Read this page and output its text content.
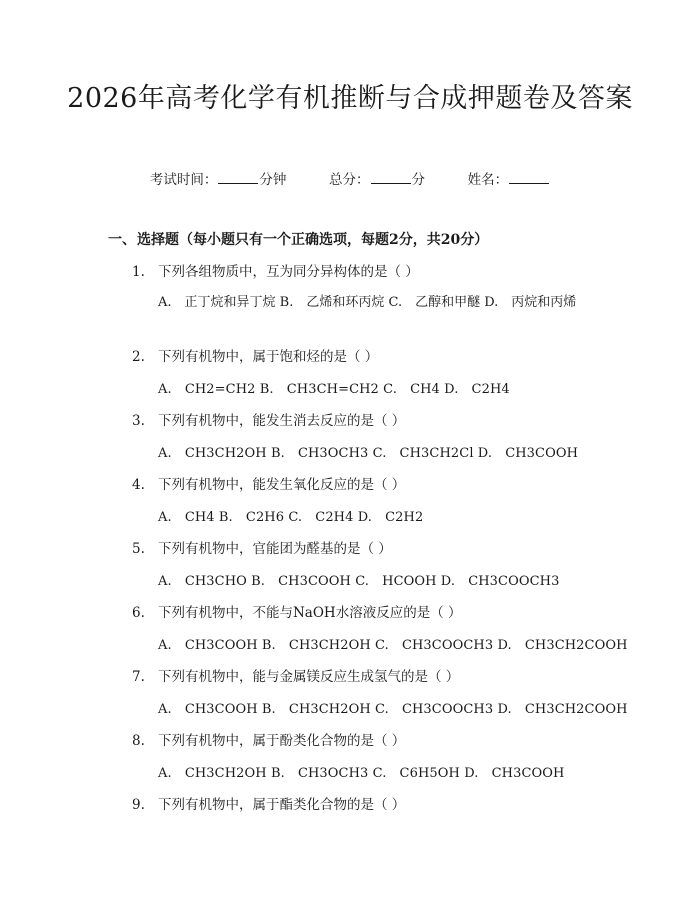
2026年高考化学有机推断与合成押题卷及答案
考试时间：	分钟	总分：	分	姓名：
一、选择题（每小题只有一个正确选项，每题2分，共20分）
1. 下列各组物质中，互为同分异构体的是（ ）
A.　正丁烷和异丁烷 B.　乙烯和环丙烷 C.　乙醇和甲醚 D.　丙烷和丙烯
2. 下列有机物中，属于饱和烃的是（ ）
A.　CH2=CH2 B.　CH3CH=CH2 C.　CH4 D.　C2H4
3. 下列有机物中，能发生消去反应的是（ ）
A.　CH3CH2OH B.　CH3OCH3 C.　CH3CH2Cl D.　CH3COOH
4. 下列有机物中，能发生氧化反应的是（ ）
A.　CH4 B.　C2H6 C.　C2H4 D.　C2H2
5. 下列有机物中，官能团为醛基的是（ ）
A.　CH3CHO B.　CH3COOH C.　HCOOH D.　CH3COOCH3
6. 下列有机物中，不能与NaOH水溶液反应的是（ ）
A.　CH3COOH B.　CH3CH2OH C.　CH3COOCH3 D.　CH3CH2COOH
7. 下列有机物中，能与金属镁反应生成氢气的是（ ）
A.　CH3COOH B.　CH3CH2OH C.　CH3COOCH3 D.　CH3CH2COOH
8. 下列有机物中，属于酚类化合物的是（ ）
A.　CH3CH2OH B.　CH3OCH3 C.　C6H5OH D.　CH3COOH
9. 下列有机物中，属于酯类化合物的是（ ）
